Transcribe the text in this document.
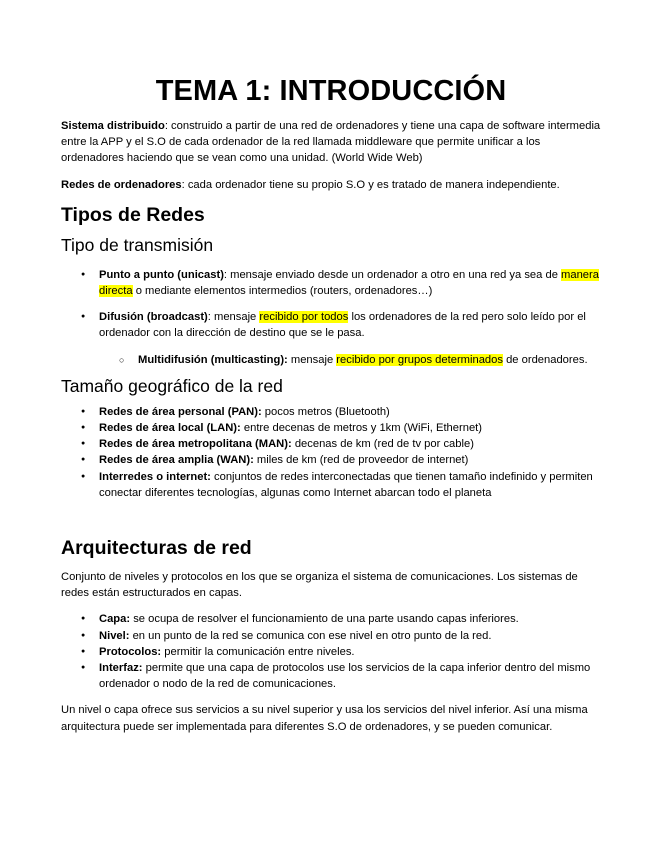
TEMA 1: INTRODUCCIÓN

Sistema distribuido: construido a partir de una red de ordenadores y tiene una capa de software intermedia entre la APP y el S.O de cada ordenador de la red llamada middleware que permite unificar a los ordenadores haciendo que se vean como una unidad. (World Wide Web)

Redes de ordenadores: cada ordenador tiene su propio S.O y es tratado de manera independiente.

Tipos de Redes
Tipo de transmisión
● Punto a punto (unicast): mensaje enviado desde un ordenador a otro en una red ya sea de manera directa o mediante elementos intermedios (routers, ordenadores…)
● Difusión (broadcast): mensaje recibido por todos los ordenadores de la red pero solo leído por el ordenador con la dirección de destino que se le pasa.
○ Multidifusión (multicasting): mensaje recibido por grupos determinados de ordenadores.
Tamaño geográfico de la red
● Redes de área personal (PAN): pocos metros (Bluetooth)
● Redes de área local (LAN): entre decenas de metros y 1km (WiFi, Ethernet)
● Redes de área metropolitana (MAN): decenas de km (red de tv por cable)
● Redes de área amplia (WAN): miles de km (red de proveedor de internet)
● Interredes o internet: conjuntos de redes interconectadas que tienen tamaño indefinido y permiten conectar diferentes tecnologías, algunas como Internet abarcan todo el planeta
Arquitecturas de red

Conjunto de niveles y protocolos en los que se organiza el sistema de comunicaciones. Los sistemas de redes están estructurados en capas.

● Capa: se ocupa de resolver el funcionamiento de una parte usando capas inferiores.
● Nivel: en un punto de la red se comunica con ese nivel en otro punto de la red.
● Protocolos: permitir la comunicación entre niveles.
● Interfaz: permite que una capa de protocolos use los servicios de la capa inferior dentro del mismo ordenador o nodo de la red de comunicaciones.

Un nivel o capa ofrece sus servicios a su nivel superior y usa los servicios del nivel inferior. Así una misma arquitectura puede ser implementada para diferentes S.O de ordenadores, y se pueden comunicar.
